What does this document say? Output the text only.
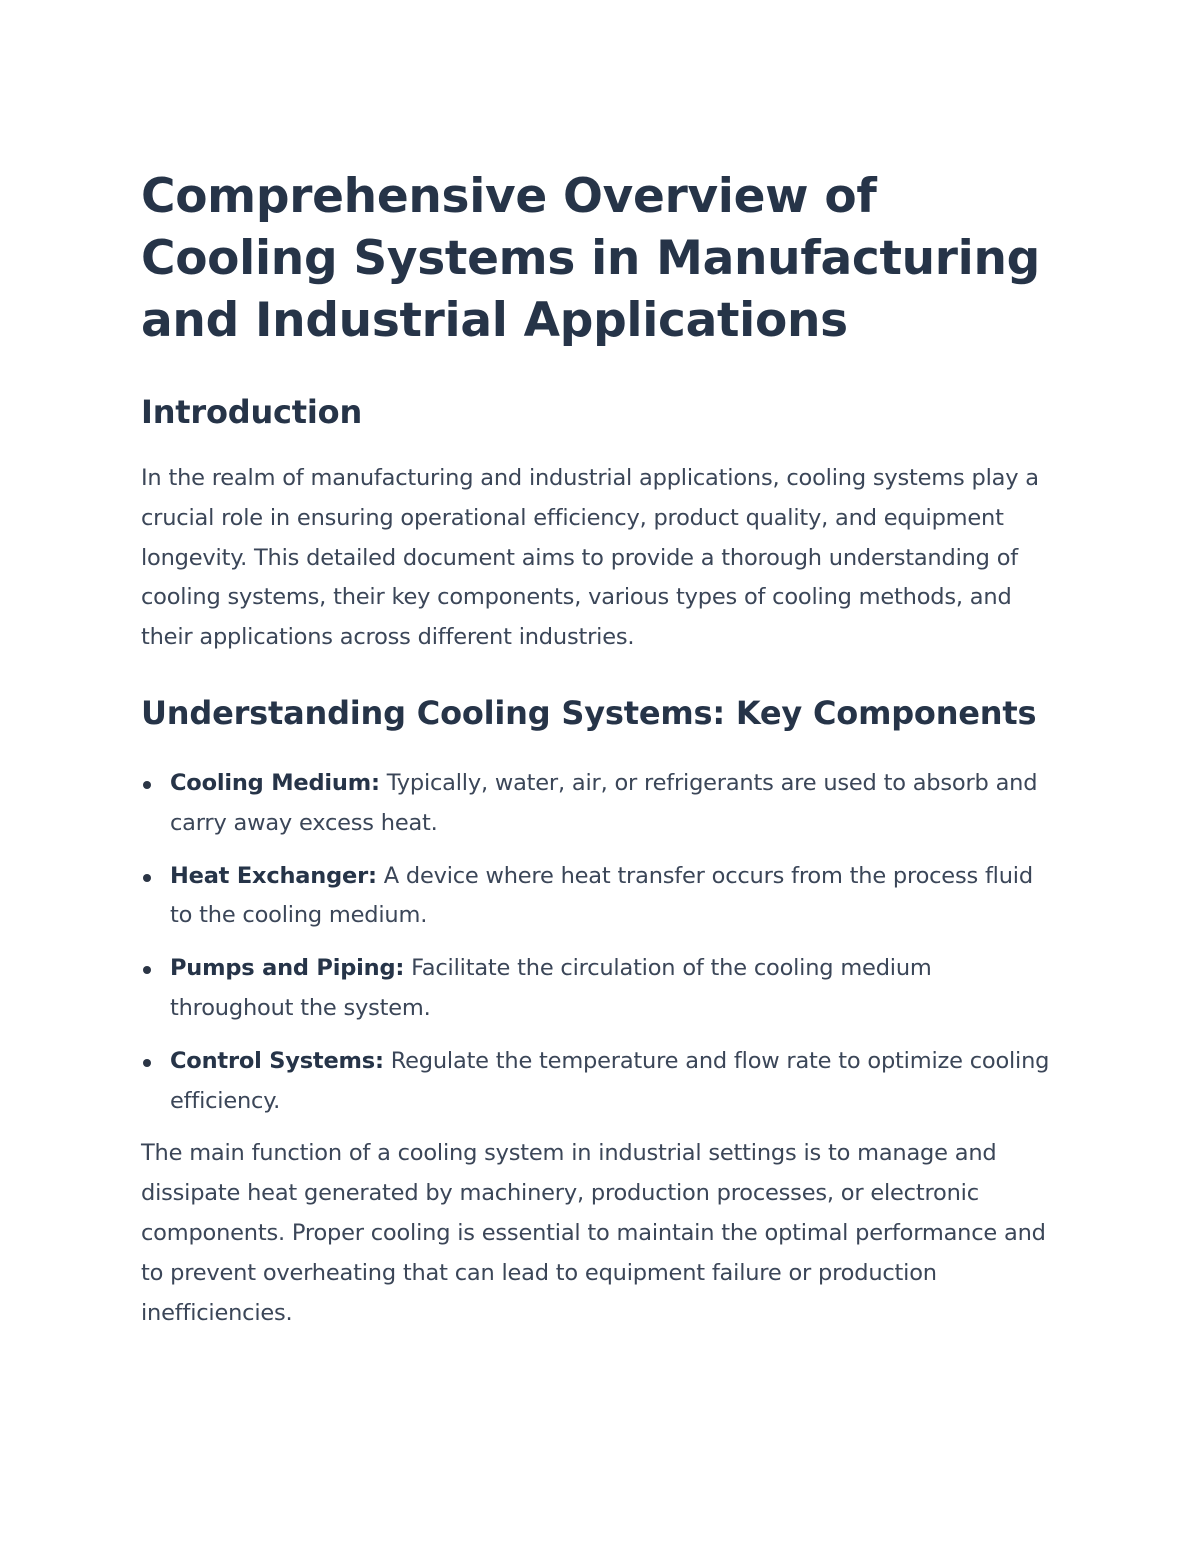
Comprehensive Overview of Cooling Systems in Manufacturing and Industrial Applications
Introduction

In the realm of manufacturing and industrial applications, cooling systems play a crucial role in ensuring operational efficiency, product quality, and equipment longevity. This detailed document aims to provide a thorough understanding of cooling systems, their key components, various types of cooling methods, and their applications across different industries.

Understanding Cooling Systems: Key Components
Cooling Medium: Typically, water, air, or refrigerants are used to absorb and carry away excess heat.
Heat Exchanger: A device where heat transfer occurs from the process fluid to the cooling medium.
Pumps and Piping: Facilitate the circulation of the cooling medium throughout the system.
Control Systems: Regulate the temperature and flow rate to optimize cooling efficiency.

The main function of a cooling system in industrial settings is to manage and dissipate heat generated by machinery, production processes, or electronic components. Proper cooling is essential to maintain the optimal performance and to prevent overheating that can lead to equipment failure or production inefficiencies.
